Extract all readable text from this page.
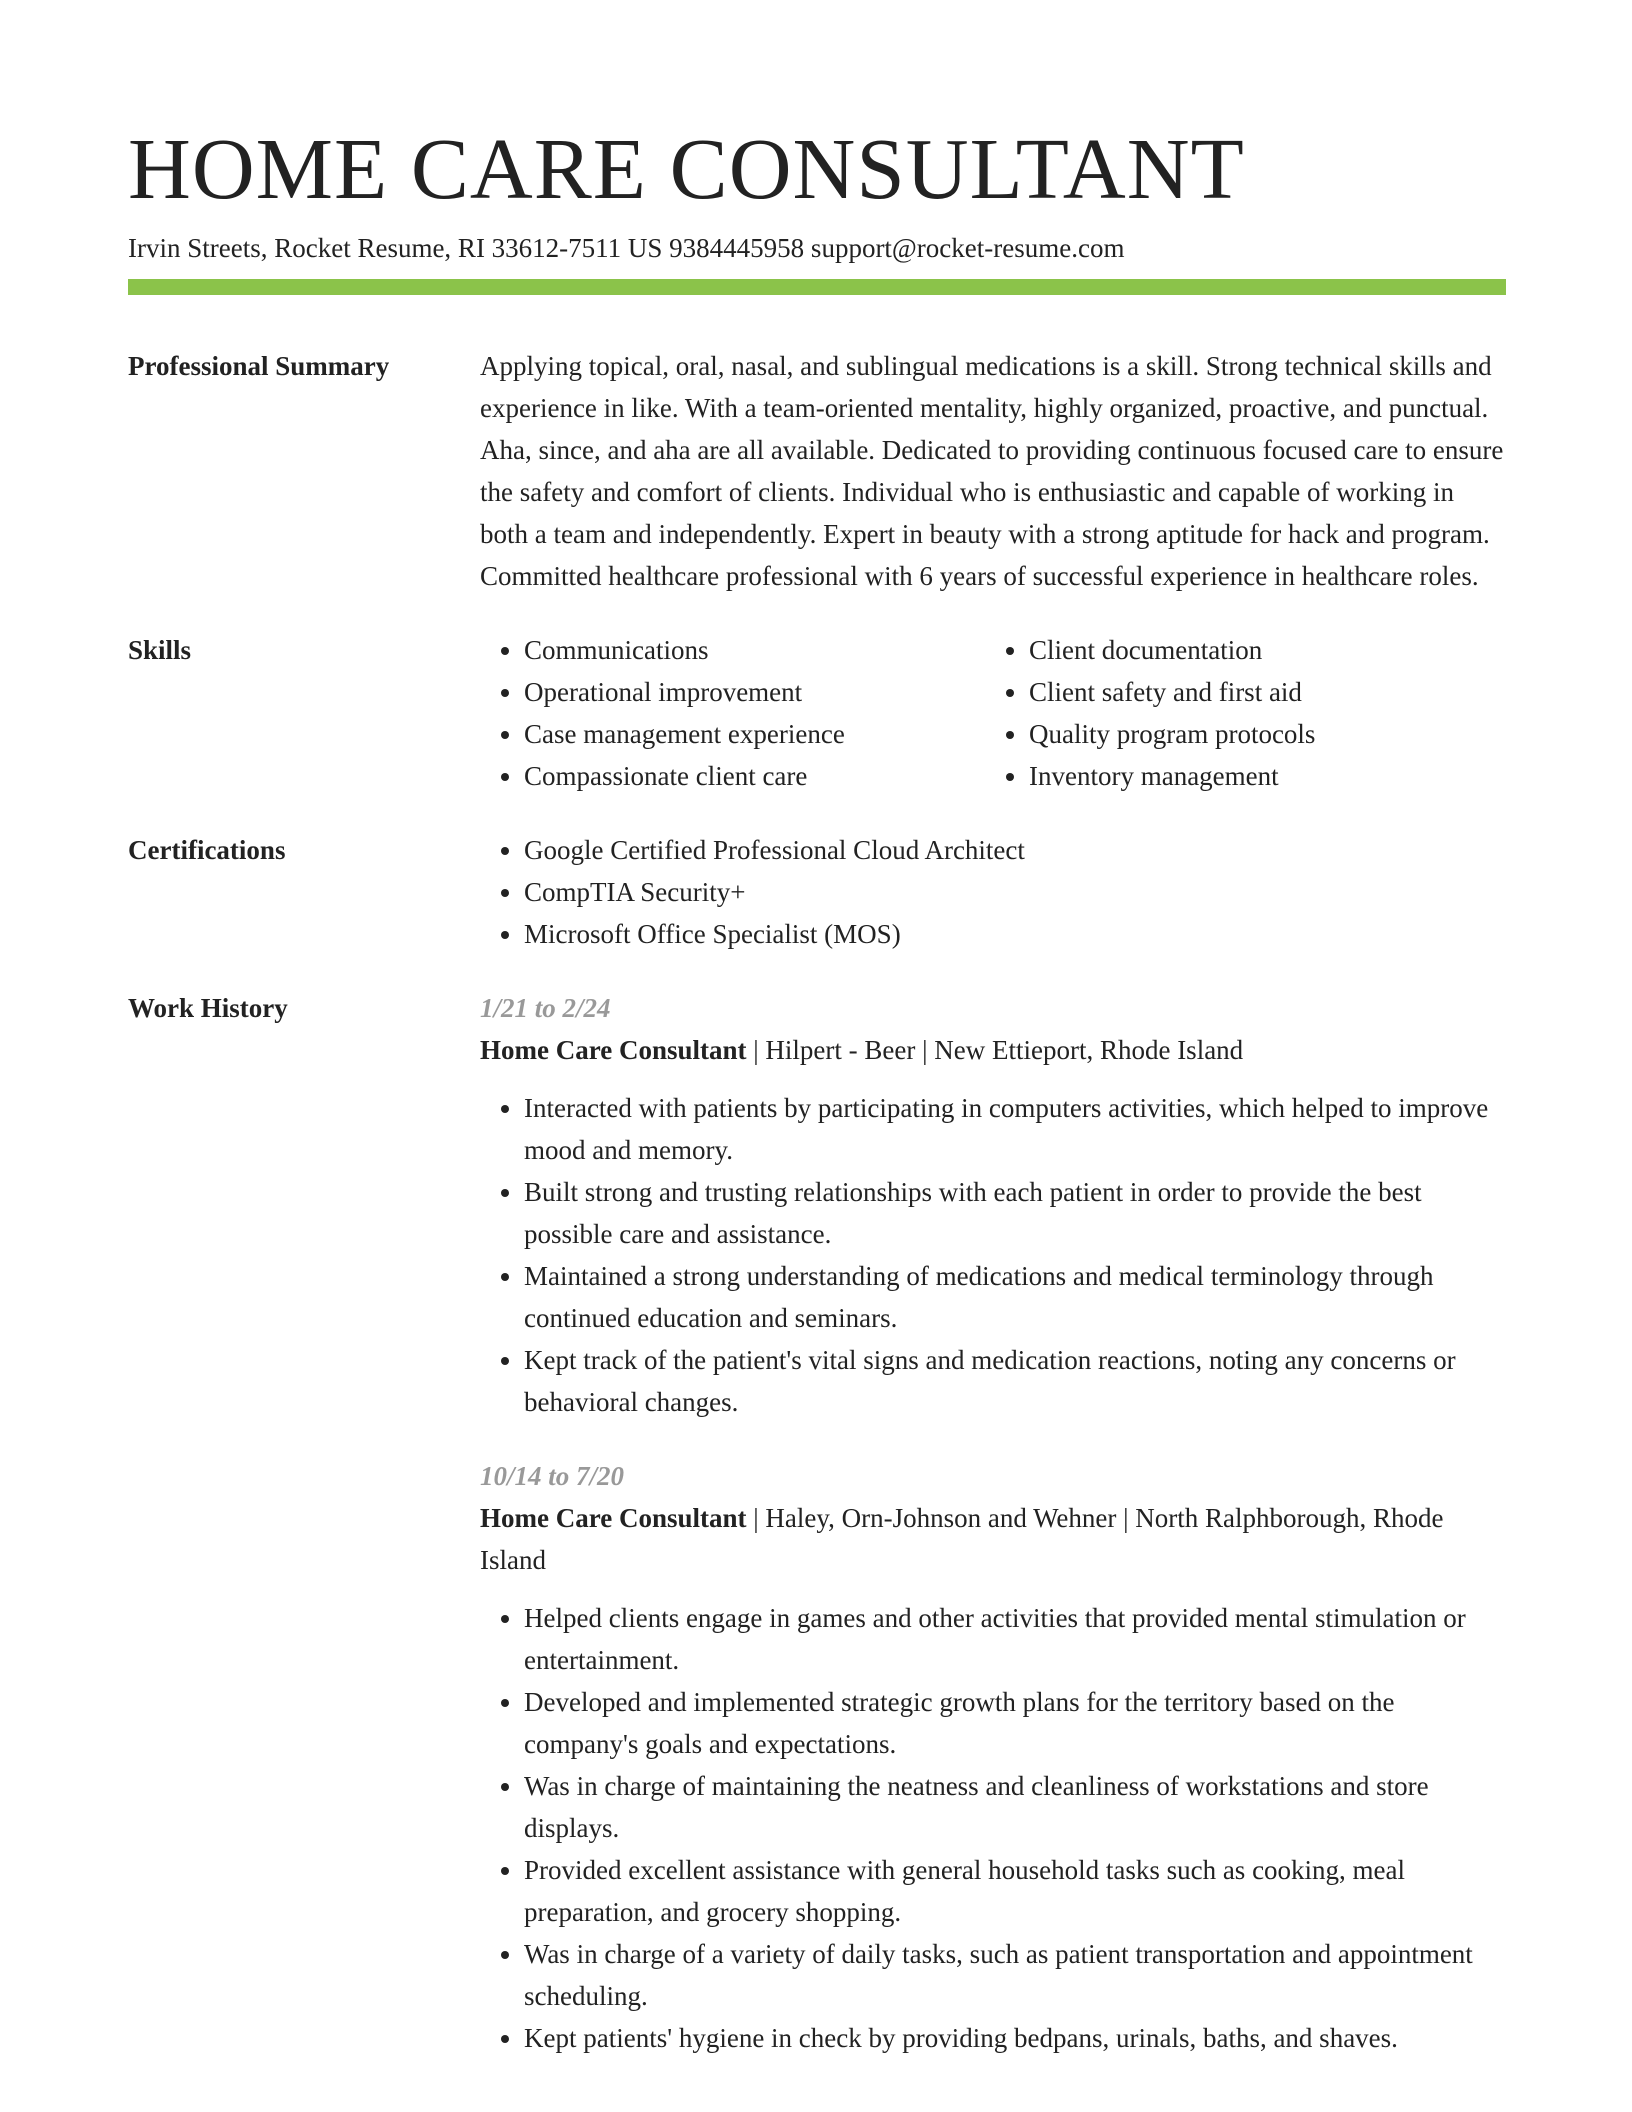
HOME CARE CONSULTANT
Irvin Streets, Rocket Resume, RI 33612-7511 US 9384445958 support@rocket-resume.com
Professional Summary	Applying topical, oral, nasal, and sublingual medications is a skill. Strong technical skills and experience in like. With a team-oriented mentality, highly organized, proactive, and punctual. Aha, since, and aha are all available. Dedicated to providing continuous focused care to ensure the safety and comfort of clients. Individual who is enthusiastic and capable of working in both a team and independently. Expert in beauty with a strong aptitude for hack and program. Committed healthcare professional with 6 years of successful experience in healthcare roles.
Skills	• Communications
• Operational improvement
• Case management experience
• Compassionate client care
• Client documentation
• Client safety and first aid
• Quality program protocols
• Inventory management
Certifications	• Google Certified Professional Cloud Architect
• CompTIA Security+
• Microsoft Office Specialist (MOS)
Work History	1/21 to 2/24
Home Care Consultant | Hilpert - Beer | New Ettieport, Rhode Island
• Interacted with patients by participating in computers activities, which helped to improve mood and memory.
• Built strong and trusting relationships with each patient in order to provide the best possible care and assistance.
• Maintained a strong understanding of medications and medical terminology through continued education and seminars.
• Kept track of the patient's vital signs and medication reactions, noting any concerns or behavioral changes.
10/14 to 7/20
Home Care Consultant | Haley, Orn-Johnson and Wehner | North Ralphborough, Rhode Island
• Helped clients engage in games and other activities that provided mental stimulation or entertainment.
• Developed and implemented strategic growth plans for the territory based on the company's goals and expectations.
• Was in charge of maintaining the neatness and cleanliness of workstations and store displays.
• Provided excellent assistance with general household tasks such as cooking, meal preparation, and grocery shopping.
• Was in charge of a variety of daily tasks, such as patient transportation and appointment scheduling.
• Kept patients' hygiene in check by providing bedpans, urinals, baths, and shaves.
